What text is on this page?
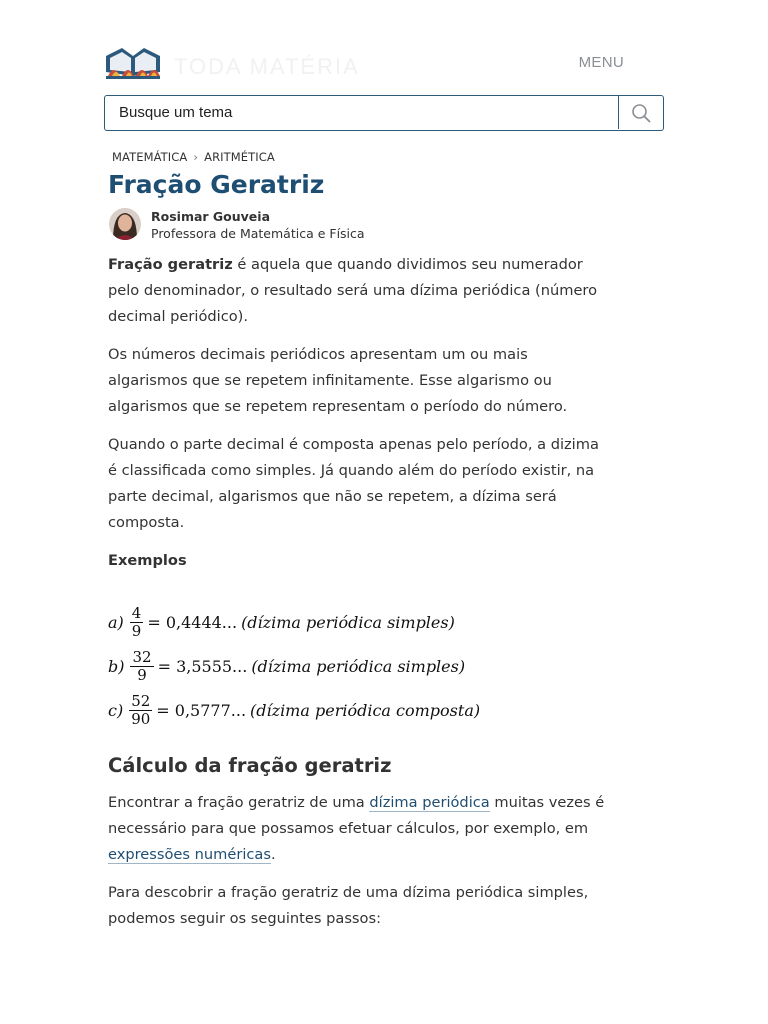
TODA MATÉRIA	MENU
Busque um tema
MATEMÁTICA › ARITMÉTICA
Fração Geratriz
Rosimar Gouveia
Professora de Matemática e Física

Fração geratriz é aquela que quando dividimos seu numerador pelo denominador, o resultado será uma dízima periódica (número decimal periódico).

Os números decimais periódicos apresentam um ou mais algarismos que se repetem infinitamente. Esse algarismo ou algarismos que se repetem representam o período do número.

Quando o parte decimal é composta apenas pelo período, a dizima é classificada como simples. Já quando além do período existir, na parte decimal, algarismos que não se repetem, a dízima será composta.

Exemplos
$a) \frac{4}{9} = 0,4444$... (dízima periódica simples)
$b) \frac{32}{9} = 3,5555$... (dízima periódica simples)
$c) \frac{52}{90} = 0,5777$... (dízima periódica composta)
Cálculo da fração geratriz

Encontrar a fração geratriz de uma dízima periódica muitas vezes é necessário para que possamos efetuar cálculos, por exemplo, em expressões numéricas.

Para descobrir a fração geratriz de uma dízima periódica simples, podemos seguir os seguintes passos:
